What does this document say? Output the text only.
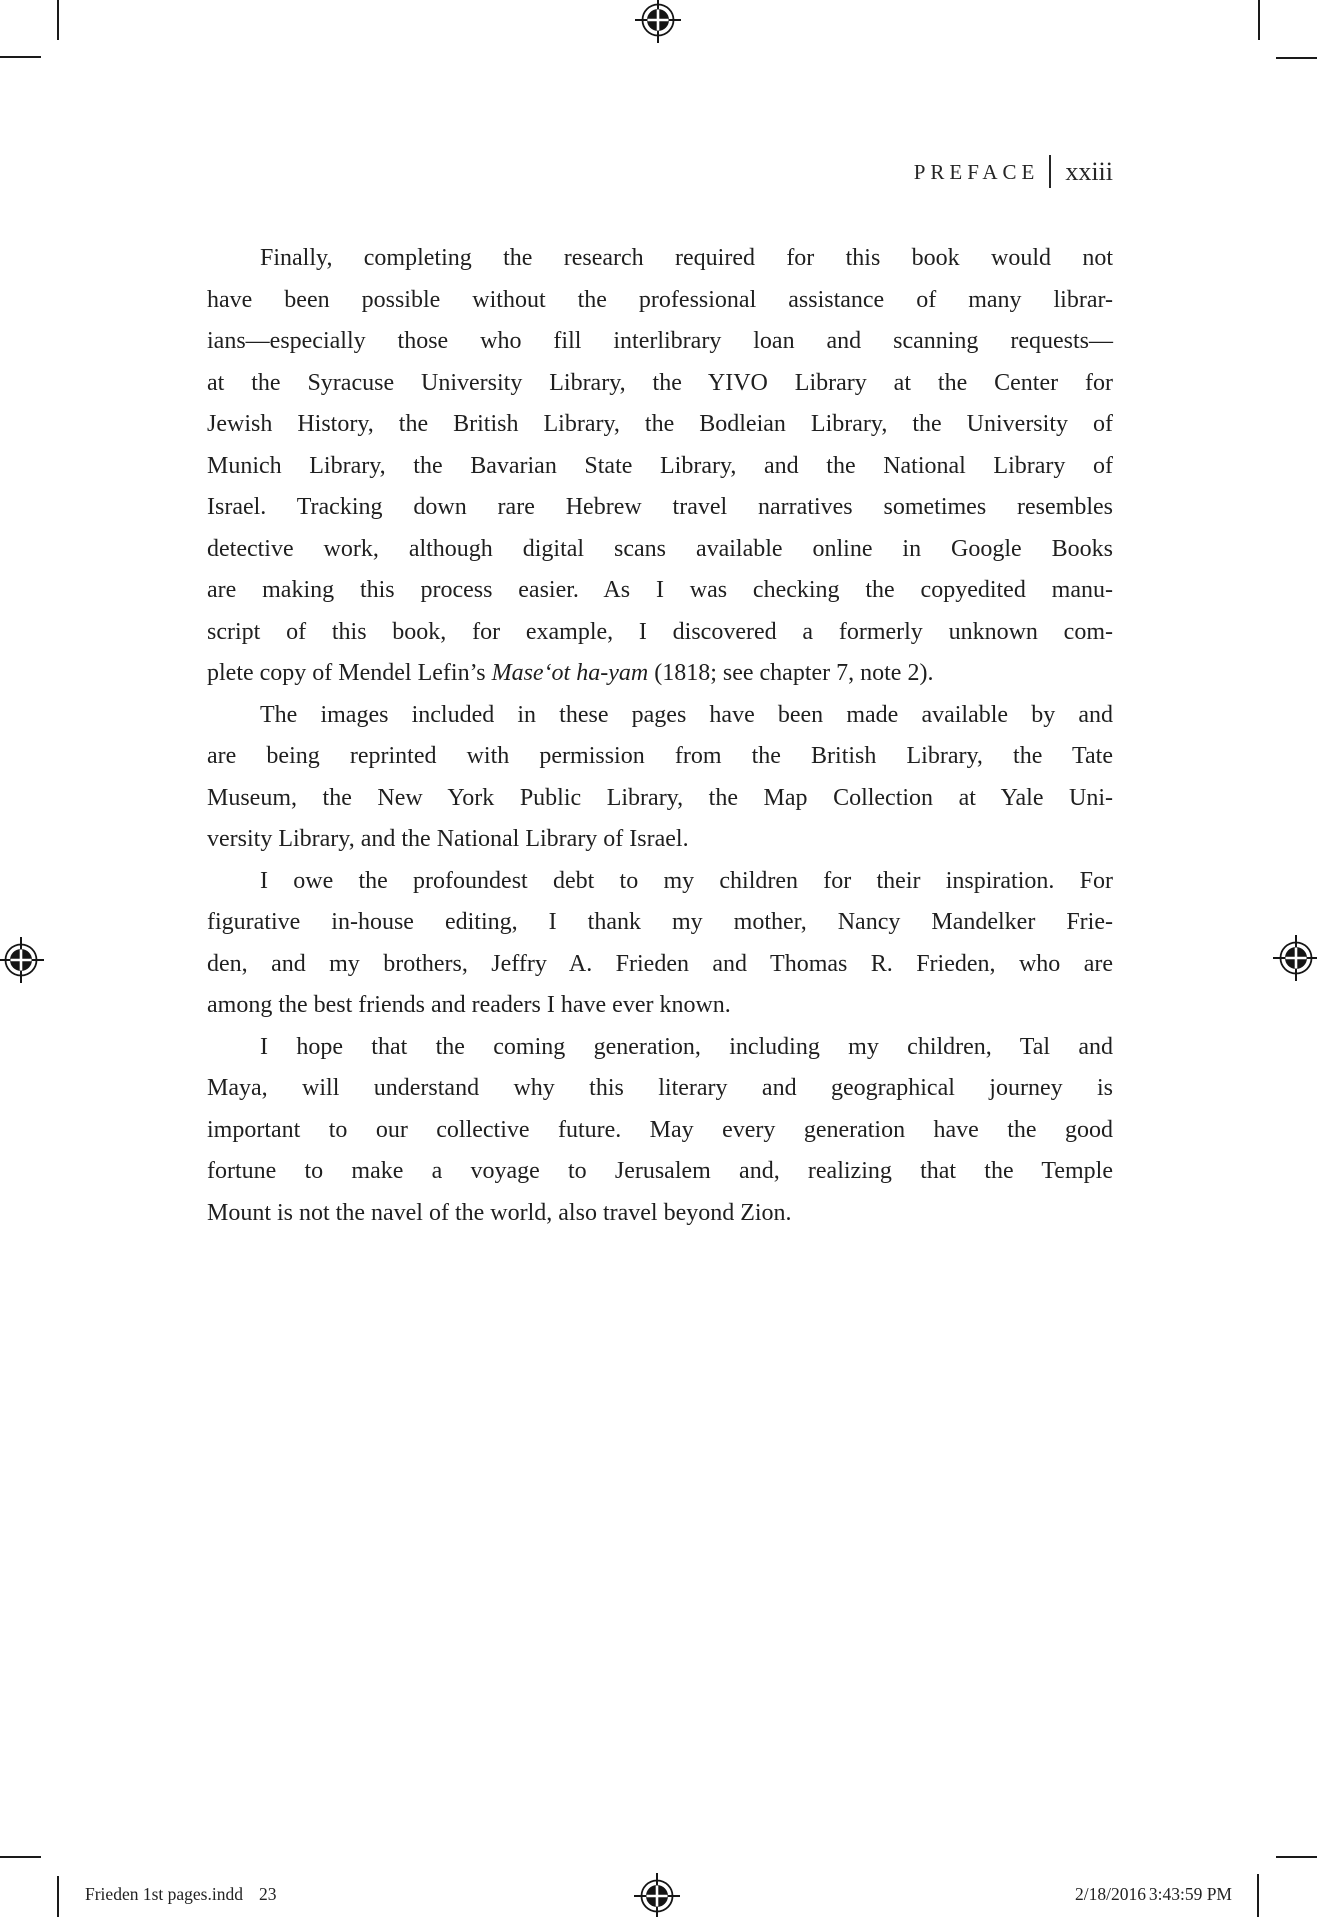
PREFACE xxiii
Finally, completing the research required for this book would not
have been possible without the professional assistance of many librar-
ians—especially those who fill interlibrary loan and scanning requests—
at the Syracuse University Library, the YIVO Library at the Center for
Jewish History, the British Library, the Bodleian Library, the University of
Munich Library, the Bavarian State Library, and the National Library of
Israel. Tracking down rare Hebrew travel narratives sometimes resembles
detective work, although digital scans available online in Google Books
are making this process easier. As I was checking the copyedited manu-
script of this book, for example, I discovered a formerly unknown com-
plete copy of Mendel Lefin’s Mase‘ot ha-yam (1818; see chapter 7, note 2).
The images included in these pages have been made available by and
are being reprinted with permission from the British Library, the Tate
Museum, the New York Public Library, the Map Collection at Yale Uni-
versity Library, and the National Library of Israel.
I owe the profoundest debt to my children for their inspiration. For
figurative in-house editing, I thank my mother, Nancy Mandelker Frie-
den, and my brothers, Jeffry A. Frieden and Thomas R. Frieden, who are
among the best friends and readers I have ever known.
I hope that the coming generation, including my children, Tal and
Maya, will understand why this literary and geographical journey is
important to our collective future. May every generation have the good
fortune to make a voyage to Jerusalem and, realizing that the Temple
Mount is not the navel of the world, also travel beyond Zion.
Frieden 1st pages.indd 23	2/18/2016 3:43:59 PM
